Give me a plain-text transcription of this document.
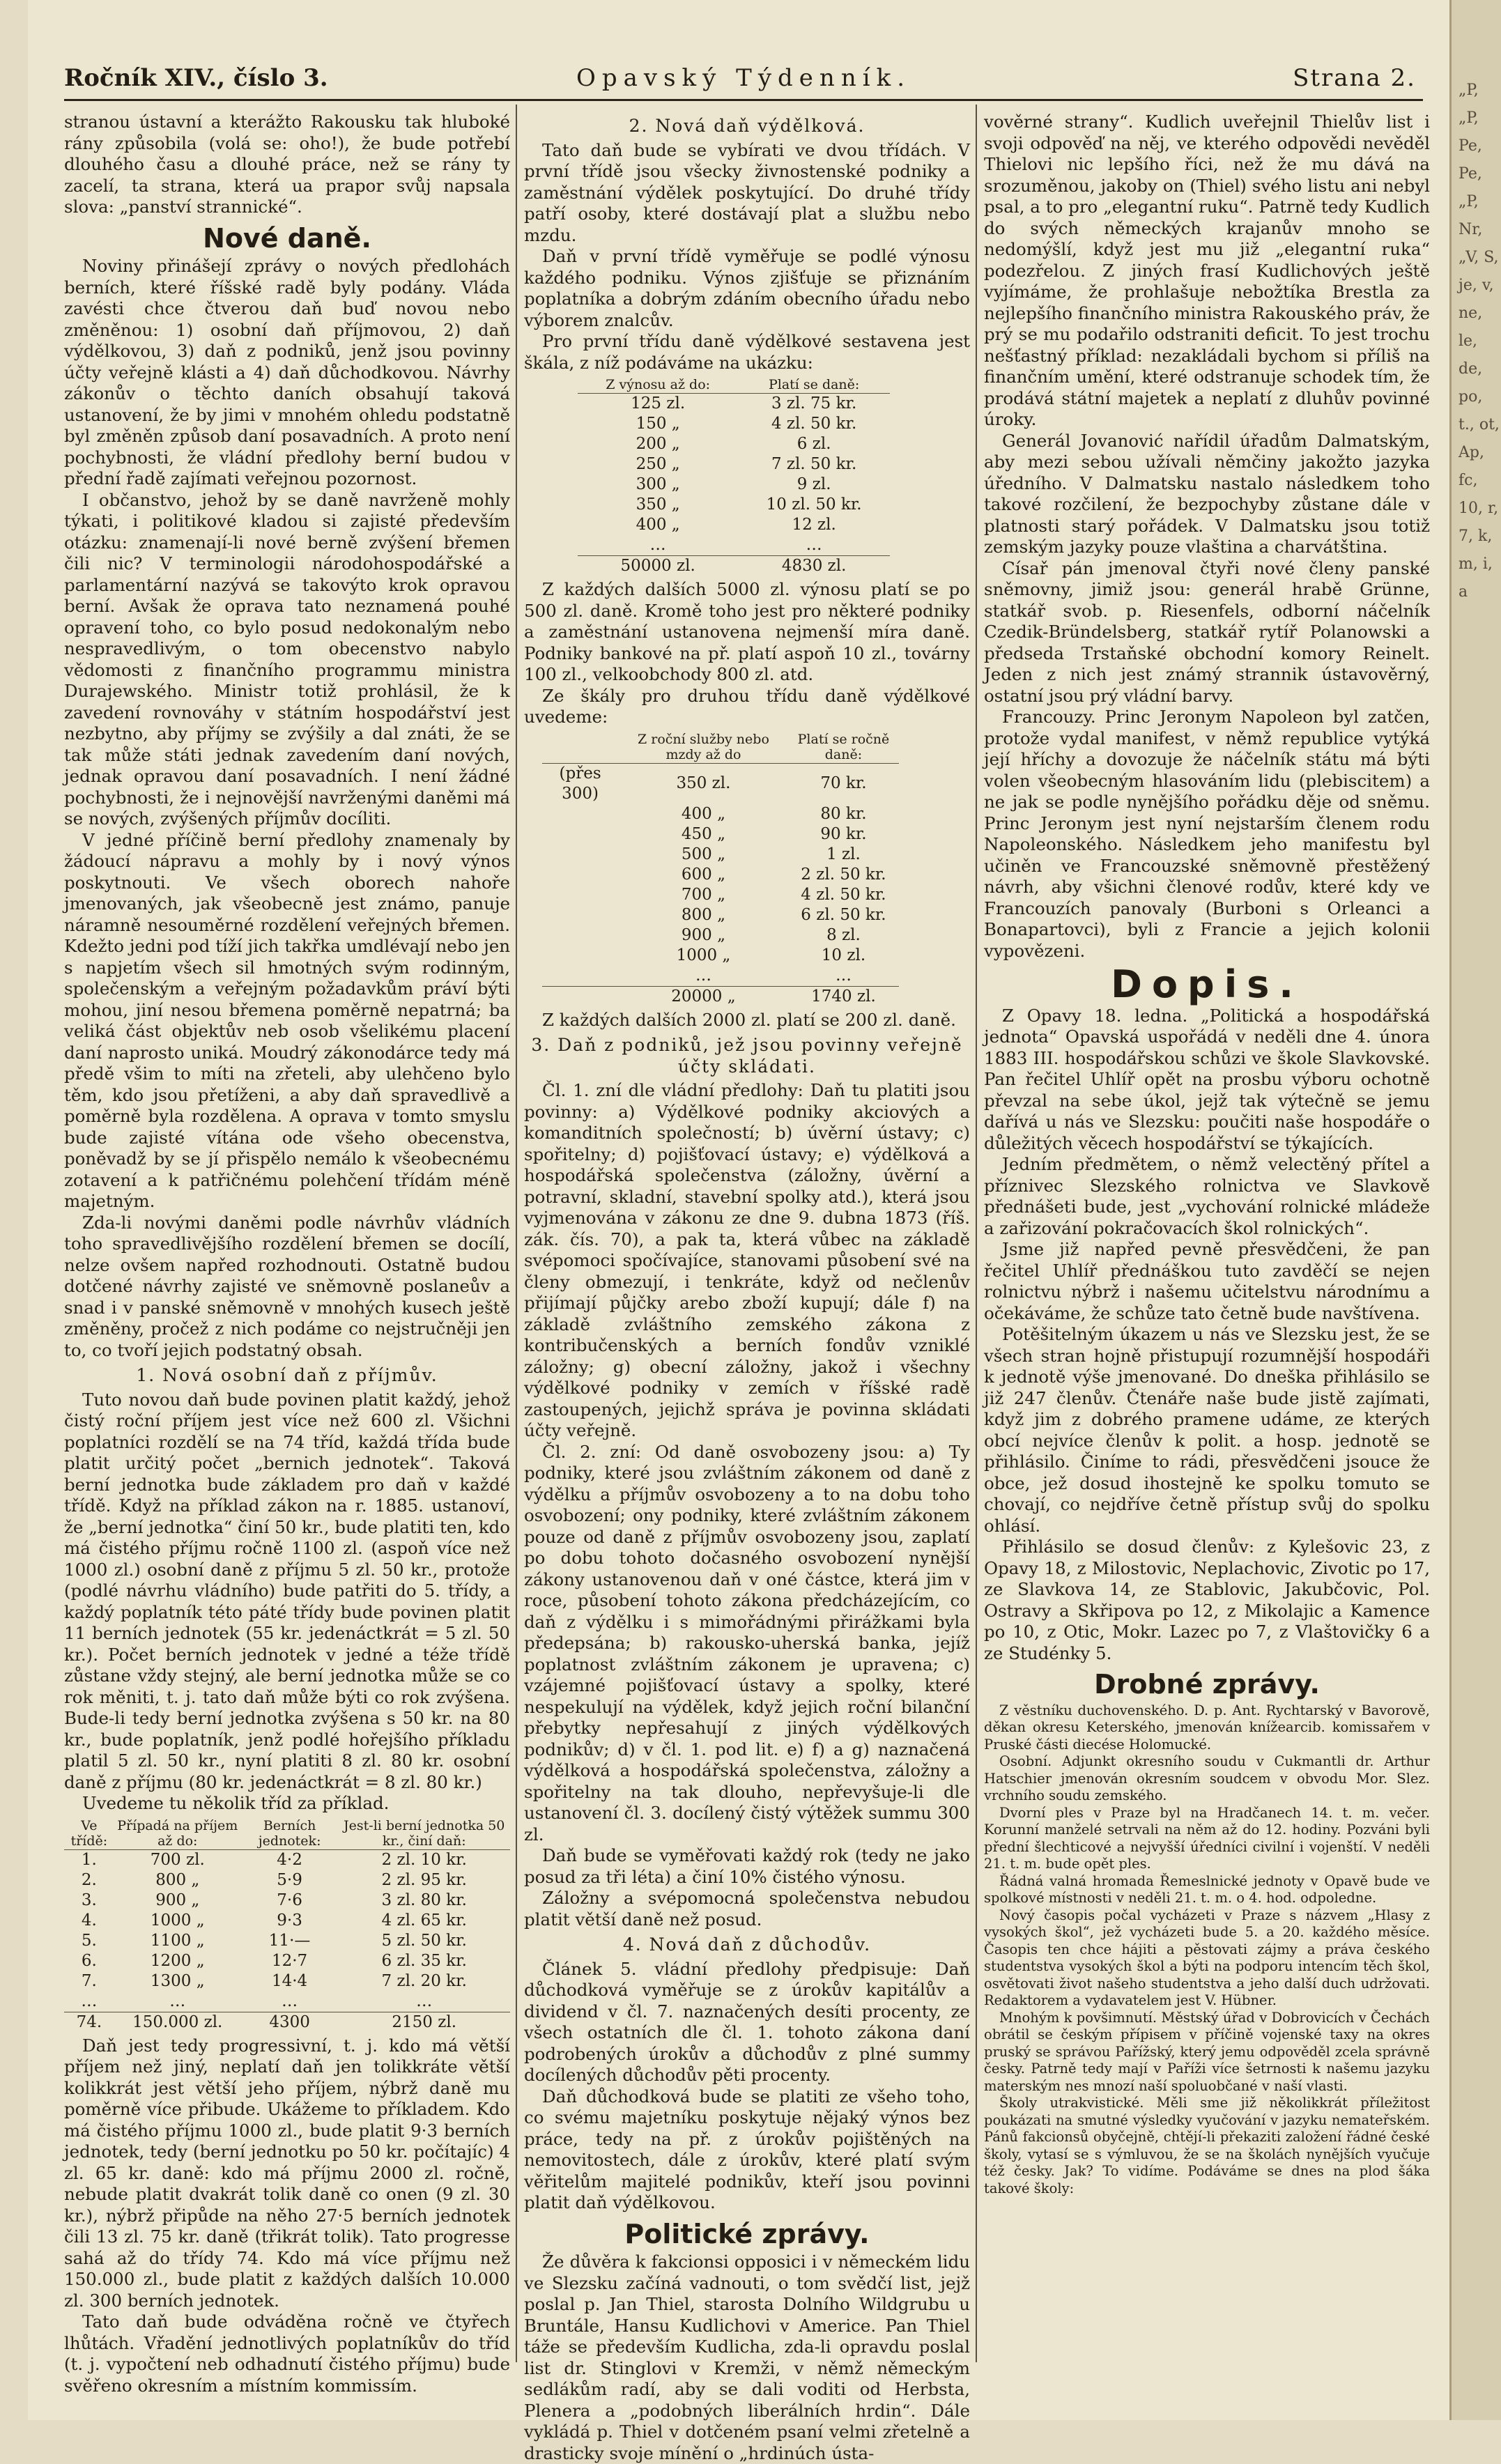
„P, „P, Pe, Pe, „P, Nr, „V, S, je, v, ne, le, de, po, t., ot, Ap, fc, 10, r, 7, k, m, i, a
Ročník XIV., číslo 3.	Opavský Týdenník.	Strana 2.

stranou ústavní a kterážto Rakousku tak hluboké rány způsobila (volá se: oho!), že bude potřebí dlouhého času a dlouhé práce, než se rány ty zacelí, ta strana, která ua prapor svůj napsala slova: „panství strannické“.

Nové daně.

Noviny přinášejí zprávy o nových předlohách berních, které říšské radě byly podány. Vláda zavésti chce čtverou daň buď novou nebo změněnou: 1) osobní daň příjmovou, 2) daň výdělkovou, 3) daň z podniků, jenž jsou povinny účty veřejně klásti a 4) daň důchodkovou. Návrhy zákonův o těchto daních obsahují taková ustanovení, že by jimi v mnohém ohledu podstatně byl změněn způsob daní posavadních. A proto není pochybnosti, že vládní předlohy berní budou v přední řadě zajímati veřejnou pozornost.

I občanstvo, jehož by se daně navrženě mohly týkati, i politikové kladou si zajisté především otázku: znamenají-li nové berně zvýšení břemen čili nic? V terminologii národohospodářské a parlamentární nazývá se takovýto krok opravou berní. Avšak že oprava tato neznamená pouhé opravení toho, co bylo posud nedokonalým nebo nespravedlivým, o tom obecenstvo nabylo vědomosti z finančního programmu ministra Durajewského. Ministr totiž prohlásil, že k zavedení rovnováhy v státním hospodářství jest nezbytno, aby příjmy se zvýšily a dal znáti, že se tak může státi jednak zavedením daní nových, jednak opravou daní posavadních. I není žádné pochybnosti, že i nejnovější navrženými daněmi má se nových, zvýšených příjmův docíliti.

V jedné příčině berní předlohy znamenaly by žádoucí nápravu a mohly by i nový výnos poskytnouti. Ve všech oborech nahoře jmenovaných, jak všeobecně jest známo, panuje náramně nesouměrné rozdělení veřejných břemen. Kdežto jedni pod tíží jich takřka umdlévají nebo jen s napjetím všech sil hmotných svým rodinným, společenským a veřejným požadavkům práví býti mohou, jiní nesou břemena poměrně nepatrná; ba veliká část objektův neb osob všelikému placení daní naprosto uniká. Moudrý zákonodárce tedy má předě všim to míti na zřeteli, aby ulehčeno bylo těm, kdo jsou přetíženi, a aby daň spravedlivě a poměrně byla rozdělena. A oprava v tomto smyslu bude zajisté vítána ode všeho obecenstva, poněvadž by se jí přispělo nemálo k všeobecnému zotavení a k patřičnému polehčení třídám méně majetným.

Zda-li novými daněmi podle návrhův vládních toho spravedlivějšího rozdělení břemen se docílí, nelze ovšem napřed rozhodnouti. Ostatně budou dotčené návrhy zajisté ve sněmovně poslaneův a snad i v panské sněmovně v mnohých kusech ještě změněny, pročež z nich podáme co nejstručněji jen to, co tvoří jejich podstatný obsah.

1. Nová osobní daň z příjmův.

Tuto novou daň bude povinen platit každý, jehož čistý roční příjem jest více než 600 zl. Všichni poplatníci rozdělí se na 74 tříd, každá třída bude platit určitý počet „bernich jednotek“. Taková berní jednotka bude základem pro daň v každé třídě. Když na příklad zákon na r. 1885. ustanoví, že „berní jednotka“ činí 50 kr., bude platiti ten, kdo má čistého příjmu ročně 1100 zl. (aspoň více než 1000 zl.) osobní daně z příjmu 5 zl. 50 kr., protože (podlé návrhu vládního) bude patřiti do 5. třídy, a každý poplatník této páté třídy bude povinen platit 11 berních jednotek (55 kr. jedenáctkrát = 5 zl. 50 kr.). Počet berních jednotek v jedné a téže třídě zůstane vždy stejný, ale berní jednotka může se co rok měniti, t. j. tato daň může býti co rok zvýšena. Bude-li tedy berní jednotka zvýšena s 50 kr. na 80 kr., bude poplatník, jenž podlé hořejšího příkladu platil 5 zl. 50 kr., nyní platiti 8 zl. 80 kr. osobní daně z příjmu (80 kr. jedenáctkrát = 8 zl. 80 kr.)

Uvedeme tu několik tříd za příklad.

Ve třídě:	Případá na příjem až do:	Berních jednotek:	Jest-li berní jednotka 50 kr., činí daň:
1.	700 zl.	4·2	2 zl. 10 kr.
2.	800 „	5·9	2 zl. 95 kr.
3.	900 „	7·6	3 zl. 80 kr.
4.	1000 „	9·3	4 zl. 65 kr.
5.	1100 „	11·—	5 zl. 50 kr.
6.	1200 „	12·7	6 zl. 35 kr.
7.	1300 „	14·4	7 zl. 20 kr.
…	…	…	…
74.	150.000 zl.	4300	2150 zl.

Daň jest tedy progressivní, t. j. kdo má větší příjem než jiný, neplatí daň jen tolikkráte větší kolikkrát jest větší jeho příjem, nýbrž daně mu poměrně více přibude. Ukážeme to příkladem. Kdo má čistého příjmu 1000 zl., bude platit 9·3 berních jednotek, tedy (berní jednotku po 50 kr. počítajíc) 4 zl. 65 kr. daně: kdo má příjmu 2000 zl. ročně, nebude platit dvakrát tolik daně co onen (9 zl. 30 kr.), nýbrž připůde na něho 27·5 berních jednotek čili 13 zl. 75 kr. daně (třikrát tolik). Tato progresse sahá až do třídy 74. Kdo má více příjmu než 150.000 zl., bude platit z každých dalších 10.000 zl. 300 berních jednotek.

Tato daň bude odváděna ročně ve čtyřech lhůtách. Vřadění jednotlivých poplatníkův do tříd (t. j. vypočtení neb odhadnutí čistého příjmu) bude svěřeno okresním a místním kommissím.

2. Nová daň výdělková.

Tato daň bude se vybírati ve dvou třídách. V první třídě jsou všecky živnostenské podniky a zaměstnání výdělek poskytující. Do druhé třídy patří osoby, které dostávají plat a službu nebo mzdu.

Daň v první třídě vyměřuje se podlé výnosu každého podniku. Výnos zjišťuje se přiznáním poplatníka a dobrým zdáním obecního úřadu nebo výborem znalcův.

Pro první třídu daně výdělkové sestavena jest škála, z níž podáváme na ukázku:

Z výnosu až do:	Platí se daně:
125 zl.	3 zl. 75 kr.
150 „	4 zl. 50 kr.
200 „	6 zl.
250 „	7 zl. 50 kr.
300 „	9 zl.
350 „	10 zl. 50 kr.
400 „	12 zl.
…	…
50000 zl.	4830 zl.

Z každých dalších 5000 zl. výnosu platí se po 500 zl. daně. Kromě toho jest pro některé podniky a zaměstnání ustanovena nejmenší míra daně. Podniky bankové na př. platí aspoň 10 zl., továrny 100 zl., velkoobchody 800 zl. atd.

Ze škály pro druhou třídu daně výdělkové uvedeme:

	Z roční služby nebo mzdy až do	Platí se ročně daně:
(přes 300)	350 zl.	70 kr.
	400 „	80 kr.
	450 „	90 kr.
	500 „	1 zl.
	600 „	2 zl. 50 kr.
	700 „	4 zl. 50 kr.
	800 „	6 zl. 50 kr.
	900 „	8 zl.
	1000 „	10 zl.
	…	…
	20000 „	1740 zl.

Z každých dalších 2000 zl. platí se 200 zl. daně.

3. Daň z podniků, jež jsou povinny veřejně účty skládati.

Čl. 1. zní dle vládní předlohy: Daň tu platiti jsou povinny: a) Výdělkové podniky akciových a komanditních společností; b) úvěrní ústavy; c) spořitelny; d) pojišťovací ústavy; e) výdělková a hospodářská společenstva (záložny, úvěrní a potravní, skladní, stavební spolky atd.), která jsou vyjmenována v zákonu ze dne 9. dubna 1873 (říš. zák. čís. 70), a pak ta, která vůbec na základě svépomoci spočívajíce, stanovami působení své na členy obmezují, i tenkráte, když od nečlenův přijímají půjčky arebo zboží kupují; dále f) na základě zvláštního zemského zákona z kontribučenských a berních fondův vzniklé záložny; g) obecní záložny, jakož i všechny výdělkové podniky v zemích v říšské radě zastoupených, jejichž správa je povinna skládati účty veřejně.

Čl. 2. zní: Od daně osvobozeny jsou: a) Ty podniky, které jsou zvláštním zákonem od daně z výdělku a příjmův osvobozeny a to na dobu toho osvobození; ony podniky, které zvláštním zákonem pouze od daně z příjmův osvobozeny jsou, zaplatí po dobu tohoto dočasného osvobození nynější zákony ustanovenou daň v oné částce, která jim v roce, působení tohoto zákona předcházejícím, co daň z výdělku i s mimořádnými přirážkami byla předepsána; b) rakousko-uherská banka, jejíž poplatnost zvláštním zákonem je upravena; c) vzájemné pojišťovací ústavy a spolky, které nespekulují na výdělek, když jejich roční bilanční přebytky nepřesahují z jiných výdělkových podnikův; d) v čl. 1. pod lit. e) f) a g) naznačená výdělková a hospodářská společenstva, záložny a spořitelny na tak dlouho, nepřevyšuje-li dle ustanovení čl. 3. docílený čistý výtěžek summu 300 zl.

Daň bude se vyměřovati každý rok (tedy ne jako posud za tři léta) a činí 10% čistého výnosu.

Záložny a svépomocná společenstva nebudou platit větší daně než posud.

4. Nová daň z důchodův.

Článek 5. vládní předlohy předpisuje: Daň důchodková vyměřuje se z úrokův kapitálův a dividend v čl. 7. naznačených desíti procenty, ze všech ostatních dle čl. 1. tohoto zákona daní podrobených úrokův a důchodův z plné summy docílených důchodův pěti procenty.

Daň důchodková bude se platiti ze všeho toho, co svému majetníku poskytuje nějaký výnos bez práce, tedy na př. z úrokův pojištěných na nemovitostech, dále z úrokův, které platí svým věřitelům majitelé podnikův, kteří jsou povinni platit daň výdělkovou.

Politické zprávy.

Že důvěra k fakcionsi opposici i v německém lidu ve Slezsku začíná vadnouti, o tom svědčí list, jejž poslal p. Jan Thiel, starosta Dolního Wildgrubu u Bruntále, Hansu Kudlichovi v Americe. Pan Thiel táže se především Kudlicha, zda-li opravdu poslal list dr. Stinglovi v Kremži, v němž německým sedlákům radí, aby se dali voditi od Herbsta, Plenera a „podobných liberálních hrdin“. Dále vykládá p. Thiel v dotčeném psaní velmi zřetelně a drasticky svoje mínění o „hrdinúch ústa-

vověrné strany“. Kudlich uveřejnil Thielův list i svoji odpověď na něj, ve kterého odpovědi nevěděl Thielovi nic lepšího říci, než že mu dává na srozuměnou, jakoby on (Thiel) svého listu ani nebyl psal, a to pro „elegantní ruku“. Patrně tedy Kudlich do svých německých krajanův mnoho se nedomýšlí, když jest mu již „elegantní ruka“ podezřelou. Z jiných frasí Kudlichových ještě vyjímáme, že prohlašuje nebožtíka Brestla za nejlepšího finančního ministra Rakouského práv, že prý se mu podařilo odstraniti deficit. To jest trochu nešťastný příklad: nezakládali bychom si příliš na finančním umění, které odstranuje schodek tím, že prodává státní majetek a neplatí z dluhův povinné úroky.

Generál Jovanović nařídil úřadům Dalmatským, aby mezi sebou užívali němčiny jakožto jazyka úředního. V Dalmatsku nastalo následkem toho takové rozčilení, že bezpochyby zůstane dále v platnosti starý pořádek. V Dalmatsku jsou totiž zemským jazyky pouze vlaština a charvátština.

Císař pán jmenoval čtyři nové členy panské sněmovny, jimiž jsou: generál hrabě Grünne, statkář svob. p. Riesenfels, odborní náčelník Czedik-Bründelsberg, statkář rytíř Polanowski a předseda Trstaňské obchodní komory Reinelt. Jeden z nich jest známý strannik ústavověrný, ostatní jsou prý vládní barvy.

Francouzy. Princ Jeronym Napoleon byl zatčen, protože vydal manifest, v němž republice vytýká její hříchy a dovozuje že náčelník státu má býti volen všeobecným hlasováním lidu (plebiscitem) a ne jak se podle nynějšího pořádku děje od sněmu. Princ Jeronym jest nyní nejstarším členem rodu Napoleonského. Následkem jeho manifestu byl učiněn ve Francouzské sněmovně přestěžený návrh, aby všichni členové rodův, které kdy ve Francouzích panovaly (Burboni s Orleanci a Bonapartovci), byli z Francie a jejich kolonii vypovězeni.

Dopis.

Z Opavy 18. ledna. „Politická a hospodářská jednota“ Opavská uspořádá v neděli dne 4. února 1883 III. hospodářskou schůzi ve škole Slavkovské. Pan řečitel Uhlíř opět na prosbu výboru ochotně převzal na sebe úkol, jejž tak výtečně se jemu dařívá u nás ve Slezsku: poučiti naše hospodáře o důležitých věcech hospodářství se týkajících.

Jedním předmětem, o němž velectěný přítel a příznivec Slezského rolnictva ve Slavkově přednášeti bude, jest „vychování rolnické mládeže a zařizování pokračovacích škol rolnických“.

Jsme již napřed pevně přesvědčeni, že pan řečitel Uhlíř přednáškou tuto zavděčí se nejen rolnictvu nýbrž i našemu učitelstvu národnímu a očekáváme, že schůze tato četně bude navštívena.

Potěšitelným úkazem u nás ve Slezsku jest, že se všech stran hojně přistupují rozumnější hospodáři k jednotě výše jmenované. Do dneška přihlásilo se již 247 členův. Čtenáře naše bude jistě zajímati, když jim z dobrého pramene udáme, ze kterých obcí nejvíce členův k polit. a hosp. jednotě se přihlásilo. Činíme to rádi, přesvědčeni jsouce že obce, jež dosud ihostejně ke spolku tomuto se chovají, co nejdříve četně přístup svůj do spolku ohlásí.

Přihlásilo se dosud členův: z Kylešovic 23, z Opavy 18, z Milostovic, Neplachovic, Zivotic po 17, ze Slavkova 14, ze Stablovic, Jakubčovic, Pol. Ostravy a Skřipova po 12, z Mikolajic a Kamence po 10, z Otic, Mokr. Lazec po 7, z Vlaštovičky 6 a ze Studénky 5.

Drobné zprávy.

Z věstníku duchovenského. D. p. Ant. Rychtarský v Bavorově, děkan okresu Keterského, jmenován knížearcib. komissařem v Pruské části diecése Holomucké.

Osobní. Adjunkt okresního soudu v Cukmantli dr. Arthur Hatschier jmenován okresním soudcem v obvodu Mor. Slez. vrchního soudu zemského.

Dvorní ples v Praze byl na Hradčanech 14. t. m. večer. Korunní manželé setrvali na něm až do 12. hodiny. Pozváni byli přední šlechticové a nejvyšší úředníci civilní i vojenští. V neděli 21. t. m. bude opět ples.

Řádná valná hromada Řemeslnické jednoty v Opavě bude ve spolkové místnosti v neděli 21. t. m. o 4. hod. odpoledne.

Nový časopis počal vycházeti v Praze s názvem „Hlasy z vysokých škol“, jež vycházeti bude 5. a 20. každého měsíce. Časopis ten chce hájiti a pěstovati zájmy a práva českého studentstva vysokých škol a býti na podporu intencím těch škol, osvětovati život našeho studentstva a jeho další duch udržovati. Redaktorem a vydavatelem jest V. Hübner.

Mnohým k povšimnutí. Městský úřad v Dobrovicích v Čechách obrátil se českým přípisem v příčině vojenské taxy na okres pruský se správou Pařížský, který jemu odpověděl zcela správně česky. Patrně tedy mají v Paříži více šetrnosti k našemu jazyku materským nes mnozí naší spoluobčané v naší vlasti.

Školy utrakvistické. Měli sme již několikkrát příležitost poukázati na smutné výsledky vyučování v jazyku nemateřském. Pánů fakcionsů obyčejně, chtějí-li překaziti založení řádné české školy, vytasí se s výmluvou, že se na školách nynějších vyučuje též česky. Jak? To vidíme. Podáváme se dnes na plod šáka takové školy:
